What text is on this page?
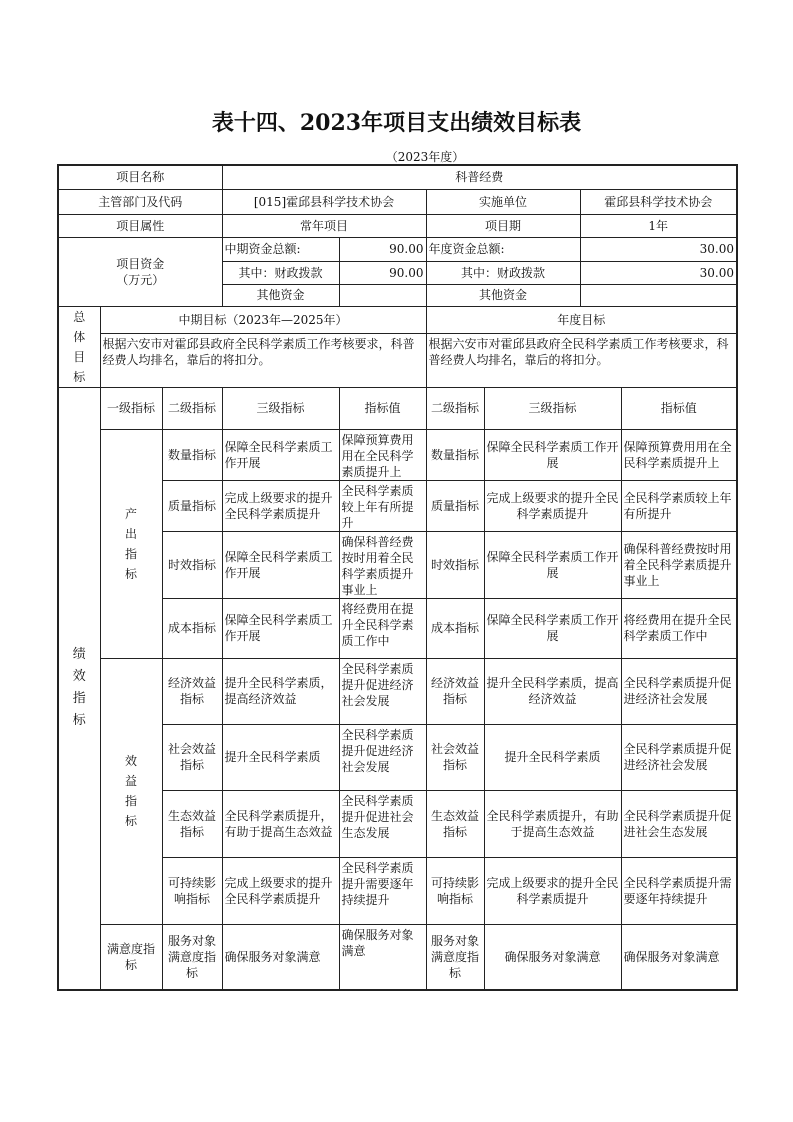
表十四、2023年项目支出绩效目标表
（2023年度）
项目名称			科普经费					
主管部门及代码			[015]霍邱县科学技术协会		实施单位		霍邱县科学技术协会	
项目属性			常年项目		项目期		1年	
项目资金
（万元）			中期资金总额:	90.00	年度资金总额:		30.00	
			其中：财政拨款	90.00	其中：财政拨款		30.00	
			其他资金		其他资金			
总体目标	中期目标（2023年—2025年）				年度目标			
	根据六安市对霍邱县政府全民科学素质工作考核要求，科普经费人均排名，靠后的将扣分。				根据六安市对霍邱县政府全民科学素质工作考核要求，科普经费人均排名，靠后的将扣分。			
绩效指标	一级指标	二级指标	三级指标	指标值	二级指标	三级指标		指标值
	产出指标	数量指标	保障全民科学素质工作开展	保障预算费用用在全民科学素质提升上	数量指标	保障全民科学素质工作开展		保障预算费用用在全民科学素质提升上
		质量指标	完成上级要求的提升全民科学素质提升	全民科学素质较上年有所提升	质量指标	完成上级要求的提升全民科学素质提升		全民科学素质较上年有所提升
		时效指标	保障全民科学素质工作开展	确保科普经费按时用着全民科学素质提升事业上	时效指标	保障全民科学素质工作开展		确保科普经费按时用着全民科学素质提升事业上
		成本指标	保障全民科学素质工作开展	将经费用在提升全民科学素质工作中	成本指标	保障全民科学素质工作开展		将经费用在提升全民科学素质工作中
	效益指标	经济效益指标	提升全民科学素质，提高经济效益	全民科学素质提升促进经济社会发展	经济效益指标	提升全民科学素质，提高经济效益		全民科学素质提升促进经济社会发展
		社会效益指标	提升全民科学素质	全民科学素质提升促进经济社会发展	社会效益指标	提升全民科学素质		全民科学素质提升促进经济社会发展
		生态效益指标	全民科学素质提升，有助于提高生态效益	全民科学素质提升促进社会生态发展	生态效益指标	全民科学素质提升，有助于提高生态效益		全民科学素质提升促进社会生态发展
		可持续影响指标	完成上级要求的提升全民科学素质提升	全民科学素质提升需要逐年持续提升	可持续影响指标	完成上级要求的提升全民科学素质提升		全民科学素质提升需要逐年持续提升
	满意度指标	服务对象满意度指标	确保服务对象满意	确保服务对象满意	服务对象满意度指标	确保服务对象满意		确保服务对象满意
